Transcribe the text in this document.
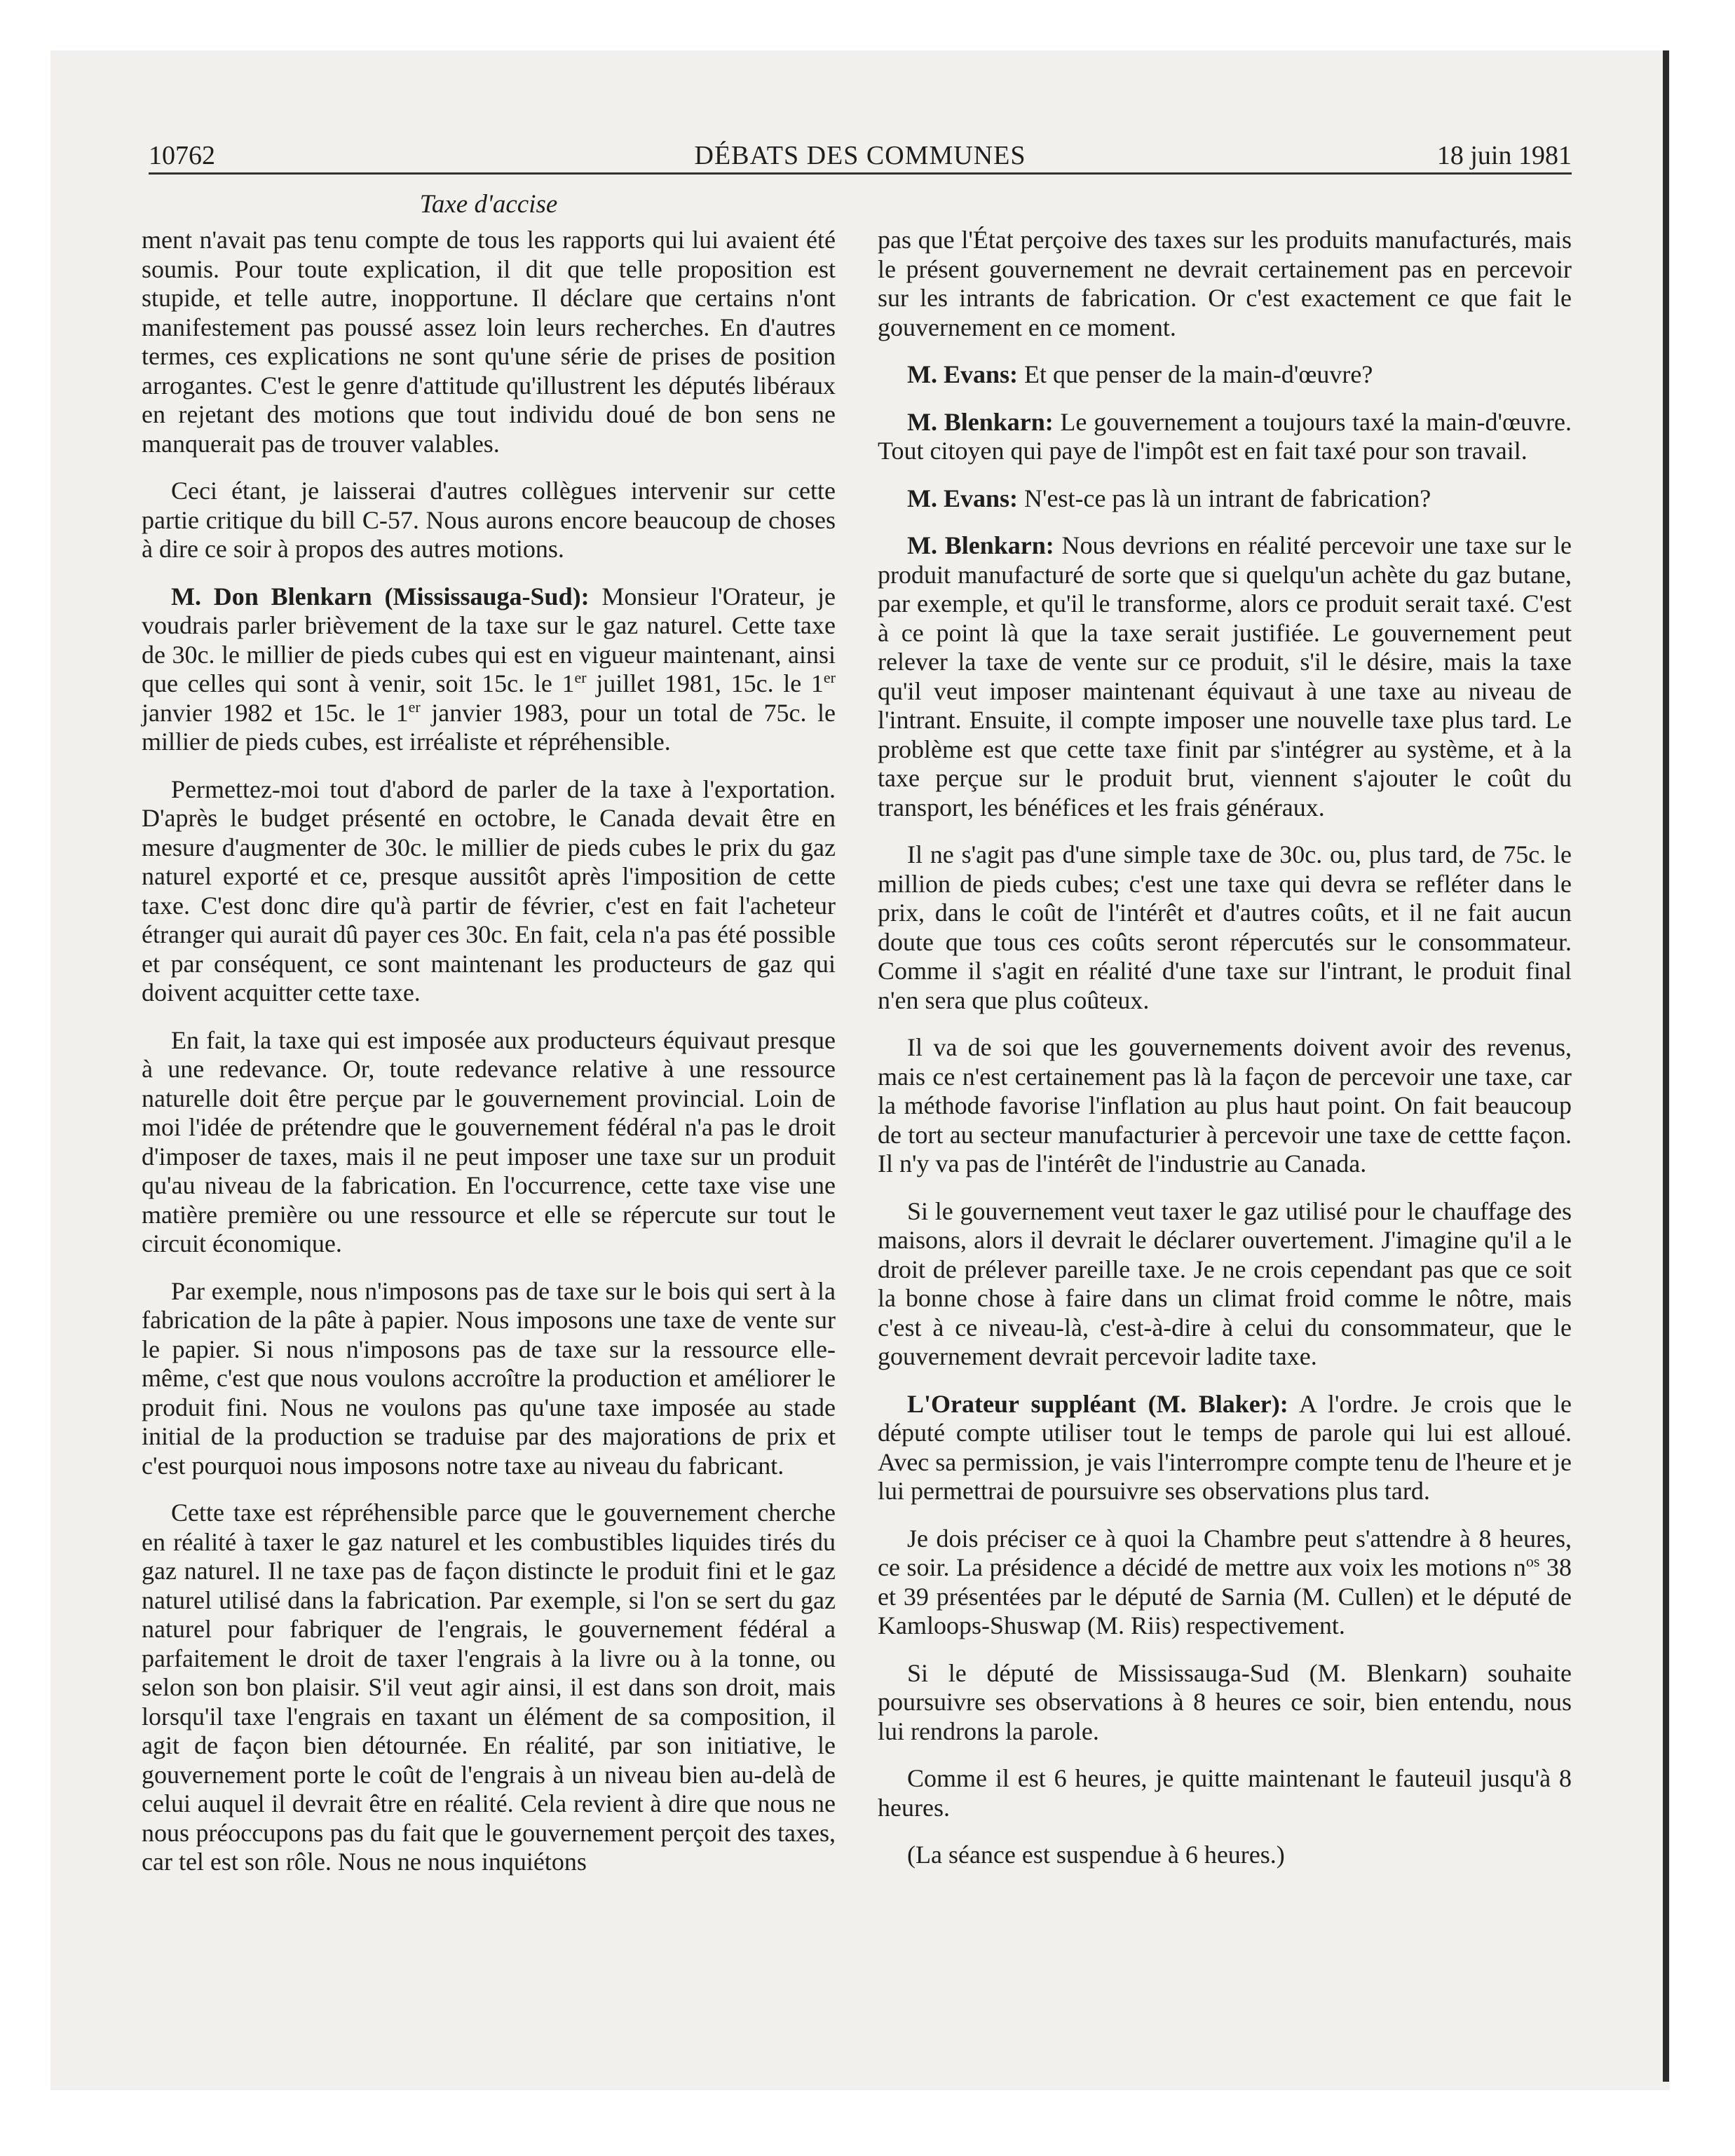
10762	DÉBATS DES COMMUNES	18 juin 1981
Taxe d'accise

ment n'avait pas tenu compte de tous les rapports qui lui avaient été soumis. Pour toute explication, il dit que telle proposition est stupide, et telle autre, inopportune. Il déclare que certains n'ont manifestement pas poussé assez loin leurs recherches. En d'autres termes, ces explications ne sont qu'une série de prises de position arrogantes. C'est le genre d'attitude qu'illustrent les députés libéraux en rejetant des motions que tout individu doué de bon sens ne manquerait pas de trouver valables.

Ceci étant, je laisserai d'autres collègues intervenir sur cette partie critique du bill C-57. Nous aurons encore beaucoup de choses à dire ce soir à propos des autres motions.

M. Don Blenkarn (Mississauga-Sud): Monsieur l'Orateur, je voudrais parler brièvement de la taxe sur le gaz naturel. Cette taxe de 30c. le millier de pieds cubes qui est en vigueur maintenant, ainsi que celles qui sont à venir, soit 15c. le 1er juillet 1981, 15c. le 1er janvier 1982 et 15c. le 1er janvier 1983, pour un total de 75c. le millier de pieds cubes, est irréaliste et répréhensible.

Permettez-moi tout d'abord de parler de la taxe à l'exportation. D'après le budget présenté en octobre, le Canada devait être en mesure d'augmenter de 30c. le millier de pieds cubes le prix du gaz naturel exporté et ce, presque aussitôt après l'imposition de cette taxe. C'est donc dire qu'à partir de février, c'est en fait l'acheteur étranger qui aurait dû payer ces 30c. En fait, cela n'a pas été possible et par conséquent, ce sont maintenant les producteurs de gaz qui doivent acquitter cette taxe.

En fait, la taxe qui est imposée aux producteurs équivaut presque à une redevance. Or, toute redevance relative à une ressource naturelle doit être perçue par le gouvernement provincial. Loin de moi l'idée de prétendre que le gouvernement fédéral n'a pas le droit d'imposer de taxes, mais il ne peut imposer une taxe sur un produit qu'au niveau de la fabrication. En l'occurrence, cette taxe vise une matière première ou une ressource et elle se répercute sur tout le circuit économique.

Par exemple, nous n'imposons pas de taxe sur le bois qui sert à la fabrication de la pâte à papier. Nous imposons une taxe de vente sur le papier. Si nous n'imposons pas de taxe sur la ressource elle-même, c'est que nous voulons accroître la production et améliorer le produit fini. Nous ne voulons pas qu'une taxe imposée au stade initial de la production se traduise par des majorations de prix et c'est pourquoi nous imposons notre taxe au niveau du fabricant.

Cette taxe est répréhensible parce que le gouvernement cherche en réalité à taxer le gaz naturel et les combustibles liquides tirés du gaz naturel. Il ne taxe pas de façon distincte le produit fini et le gaz naturel utilisé dans la fabrication. Par exemple, si l'on se sert du gaz naturel pour fabriquer de l'engrais, le gouvernement fédéral a parfaitement le droit de taxer l'engrais à la livre ou à la tonne, ou selon son bon plaisir. S'il veut agir ainsi, il est dans son droit, mais lorsqu'il taxe l'engrais en taxant un élément de sa composition, il agit de façon bien détournée. En réalité, par son initiative, le gouvernement porte le coût de l'engrais à un niveau bien au-delà de celui auquel il devrait être en réalité. Cela revient à dire que nous ne nous préoccupons pas du fait que le gouvernement perçoit des taxes, car tel est son rôle. Nous ne nous inquiétons

pas que l'État perçoive des taxes sur les produits manufacturés, mais le présent gouvernement ne devrait certainement pas en percevoir sur les intrants de fabrication. Or c'est exactement ce que fait le gouvernement en ce moment.

M. Evans: Et que penser de la main-d'œuvre?

M. Blenkarn: Le gouvernement a toujours taxé la main-d'œuvre. Tout citoyen qui paye de l'impôt est en fait taxé pour son travail.

M. Evans: N'est-ce pas là un intrant de fabrication?

M. Blenkarn: Nous devrions en réalité percevoir une taxe sur le produit manufacturé de sorte que si quelqu'un achète du gaz butane, par exemple, et qu'il le transforme, alors ce produit serait taxé. C'est à ce point là que la taxe serait justifiée. Le gouvernement peut relever la taxe de vente sur ce produit, s'il le désire, mais la taxe qu'il veut imposer maintenant équivaut à une taxe au niveau de l'intrant. Ensuite, il compte imposer une nouvelle taxe plus tard. Le problème est que cette taxe finit par s'intégrer au système, et à la taxe perçue sur le produit brut, viennent s'ajouter le coût du transport, les bénéfices et les frais généraux.

Il ne s'agit pas d'une simple taxe de 30c. ou, plus tard, de 75c. le million de pieds cubes; c'est une taxe qui devra se refléter dans le prix, dans le coût de l'intérêt et d'autres coûts, et il ne fait aucun doute que tous ces coûts seront répercutés sur le consommateur. Comme il s'agit en réalité d'une taxe sur l'intrant, le produit final n'en sera que plus coûteux.

Il va de soi que les gouvernements doivent avoir des revenus, mais ce n'est certainement pas là la façon de percevoir une taxe, car la méthode favorise l'inflation au plus haut point. On fait beaucoup de tort au secteur manufacturier à percevoir une taxe de cettte façon. Il n'y va pas de l'intérêt de l'industrie au Canada.

Si le gouvernement veut taxer le gaz utilisé pour le chauffage des maisons, alors il devrait le déclarer ouvertement. J'imagine qu'il a le droit de prélever pareille taxe. Je ne crois cependant pas que ce soit la bonne chose à faire dans un climat froid comme le nôtre, mais c'est à ce niveau-là, c'est-à-dire à celui du consommateur, que le gouvernement devrait percevoir ladite taxe.

L'Orateur suppléant (M. Blaker): A l'ordre. Je crois que le député compte utiliser tout le temps de parole qui lui est alloué. Avec sa permission, je vais l'interrompre compte tenu de l'heure et je lui permettrai de poursuivre ses observations plus tard.

Je dois préciser ce à quoi la Chambre peut s'attendre à 8 heures, ce soir. La présidence a décidé de mettre aux voix les motions $n^{os}$ 38 et 39 présentées par le député de Sarnia (M. Cullen) et le député de Kamloops-Shuswap (M. Riis) respectivement.

Si le député de Mississauga-Sud (M. Blenkarn) souhaite poursuivre ses observations à 8 heures ce soir, bien entendu, nous lui rendrons la parole.

Comme il est 6 heures, je quitte maintenant le fauteuil jusqu'à 8 heures.

(La séance est suspendue à 6 heures.)
